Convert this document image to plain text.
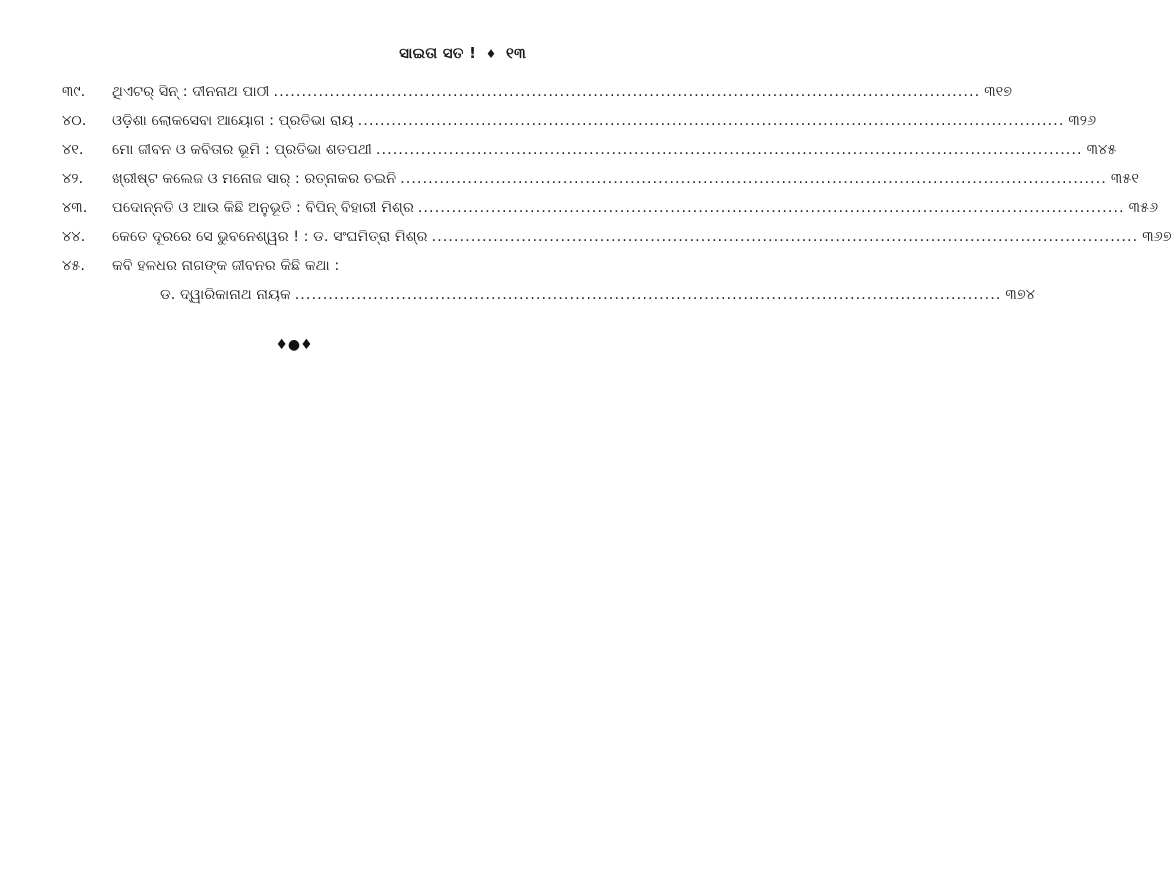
ସାଇତା ସତ ! ♦ ୧୩
୩୯.	ଥିଏଟର୍ ସିନ୍ : ଦୀନନାଥ ପାଠୀ .....	୩୧୭
୪୦.	ଓଡ଼ିଶା ଲୋକସେବା ଆୟୋଗ : ପ୍ରତିଭା ରାୟ .....	୩୨୬
୪୧.	ମୋ ଜୀବନ ଓ କବିତାର ଭୂମି : ପ୍ରତିଭା ଶତପଥୀ .....	୩୪୫
୪୨.	ଖ୍ରୀଷ୍ଟ କଲେଜ ଓ ମନୋଜ ସାର୍ : ରତ୍ନାକର ଚଇନି .....	୩୫୧
୪୩.	ପଦୋନ୍ନତି ଓ ଆଉ କିଛି ଅନୁଭୂତି : ବିପିନ୍ ବିହାରୀ ମିଶ୍ର .....	୩୫୬
୪୪.	କେତେ ଦୂରରେ ସେ ଭୁବନେଶ୍ୱର ! : ଡ. ସଂଘମିତ୍ରା ମିଶ୍ର .....	୩୬୭
୪୫.	କବି ହଳଧର ନାଗଙ୍କ ଜୀବନର କିଛି କଥା :
ଡ. ଦ୍ୱାରିକାନାଥ ନାୟକ .....	୩୭୪
♦●♦
